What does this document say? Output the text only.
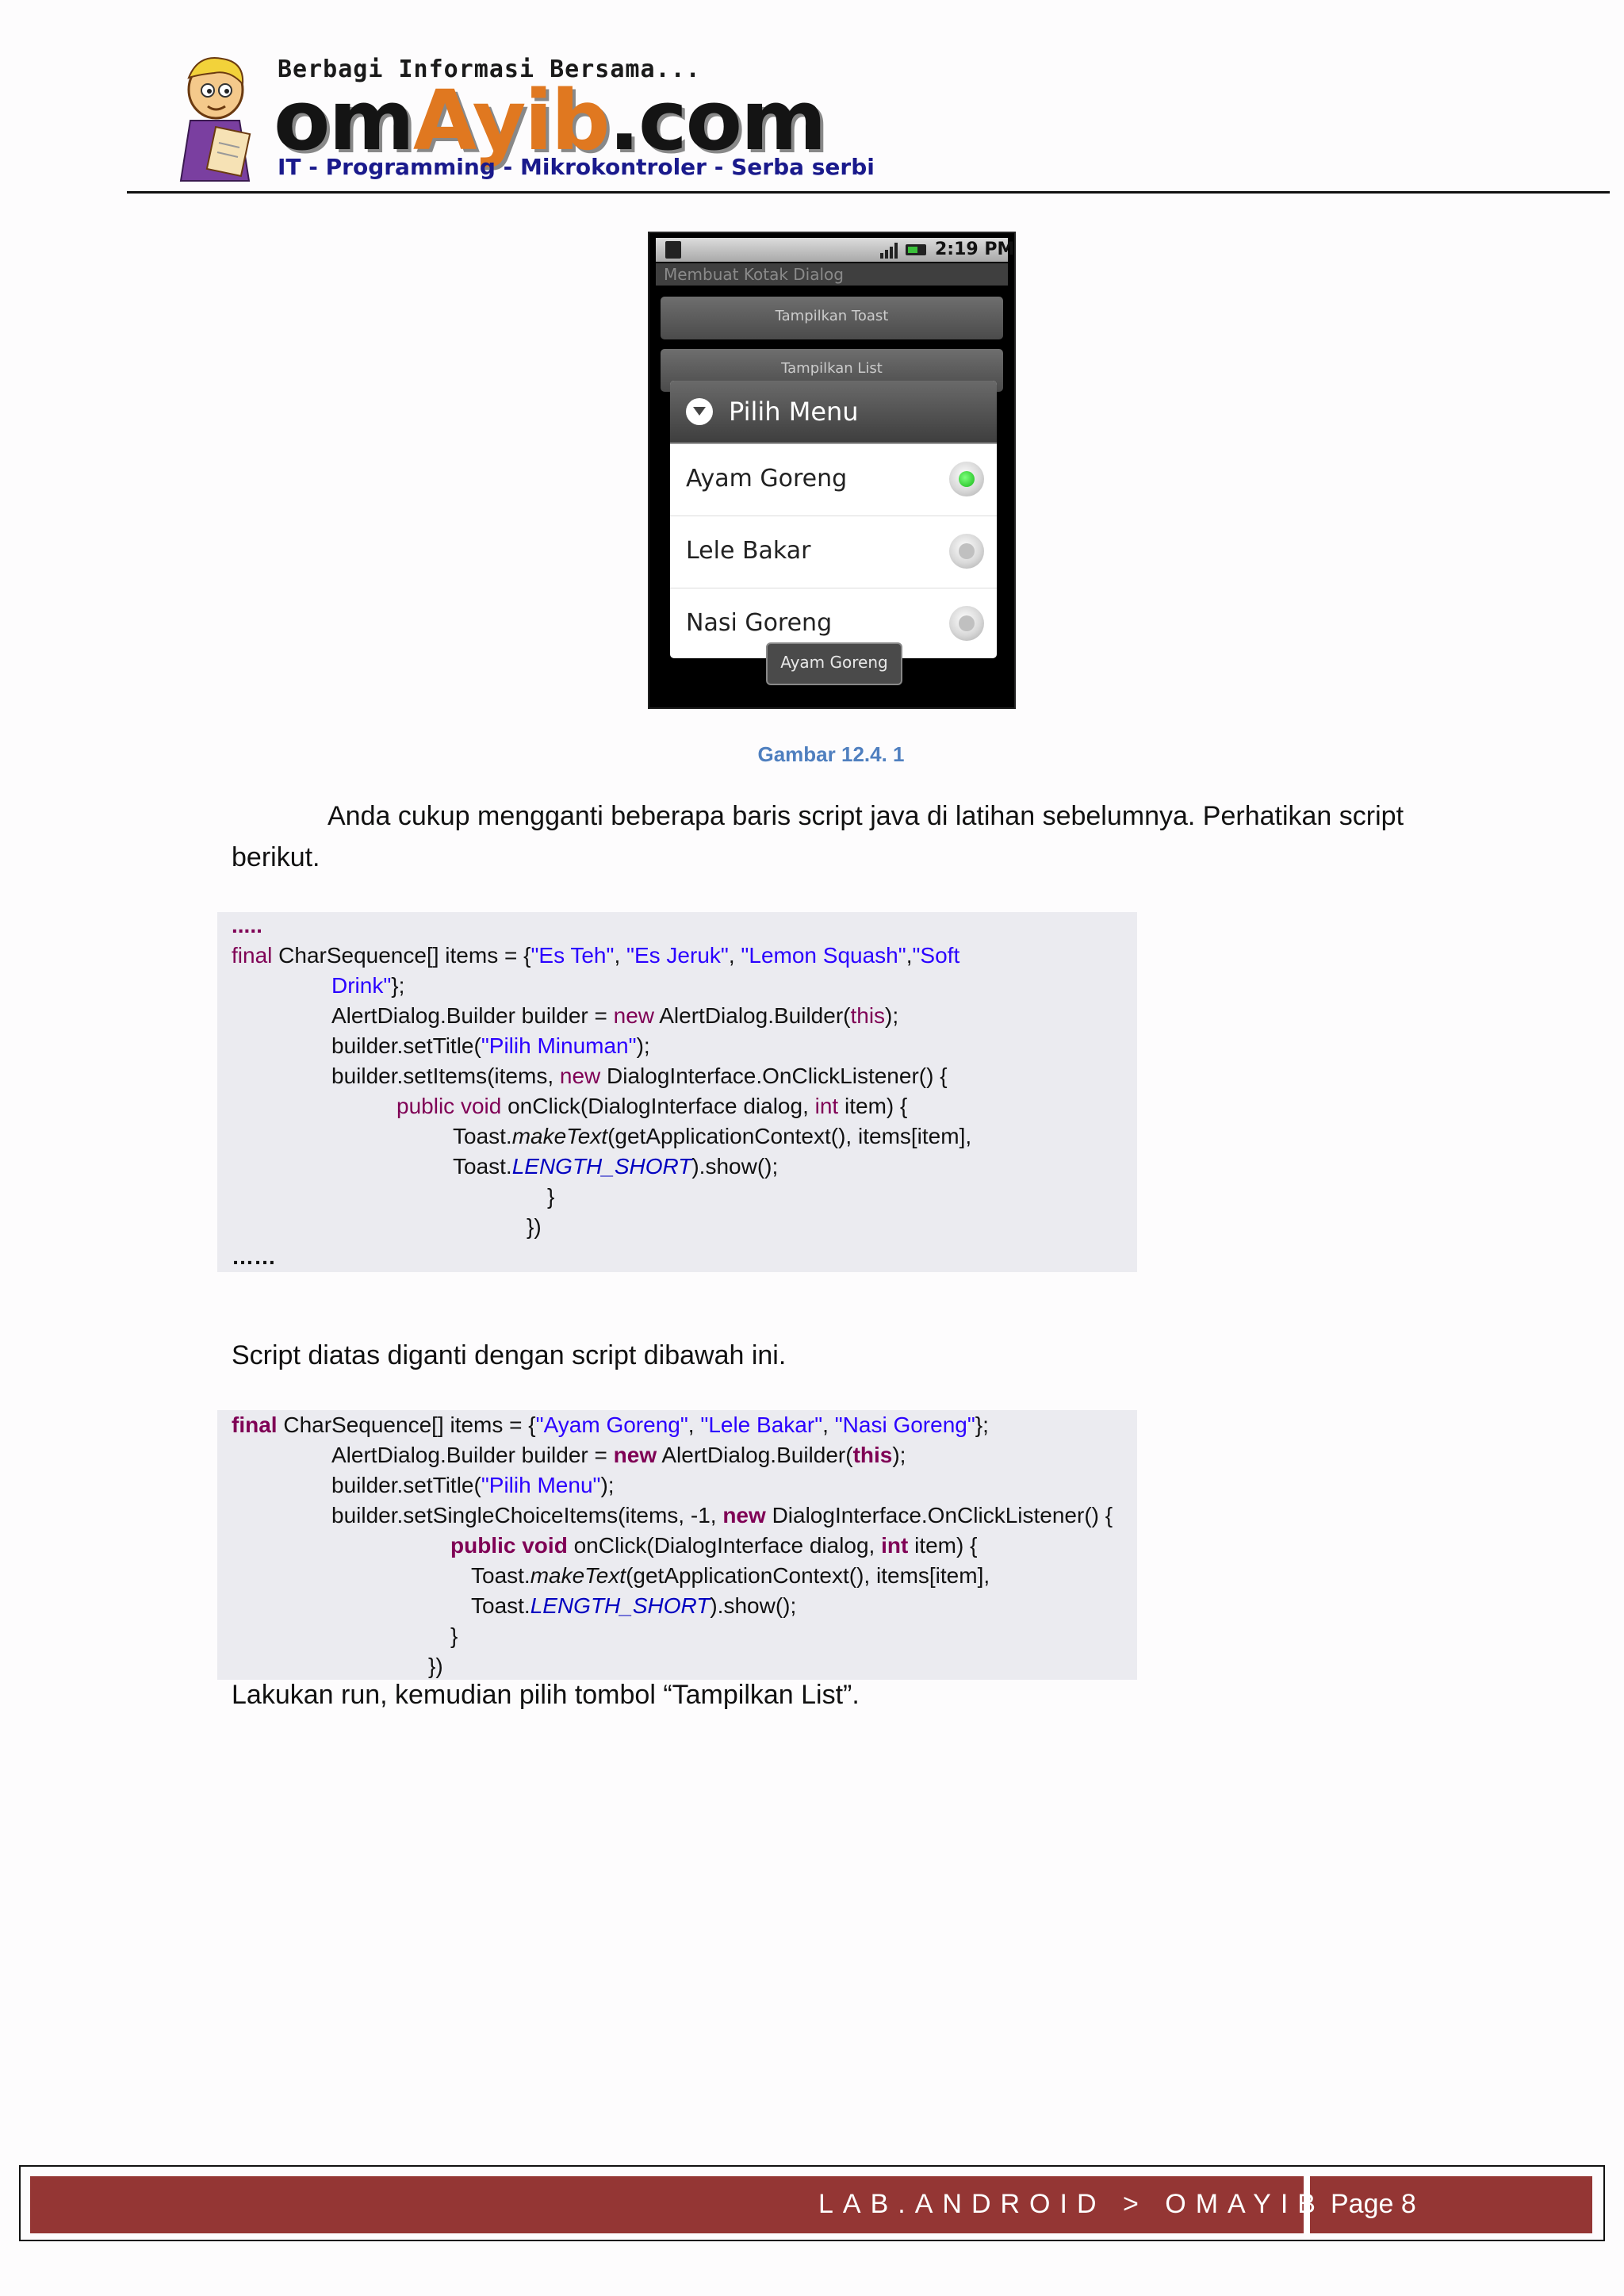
Berbagi Informasi Bersama...
omAyib.com
IT - Programming - Mikrokontroler - Serba serbi
2:19 PM
Membuat Kotak Dialog
Tampilkan Toast
Tampilkan List
Pilih Menu
Ayam Goreng
Lele Bakar
Nasi Goreng
Ayam Goreng
Gambar 12.4. 1
Anda cukup mengganti beberapa baris script java di latihan sebelumnya. Perhatikan script
berikut.
.....
final CharSequence[] items = {"Es Teh", "Es Jeruk", "Lemon Squash","Soft
Drink"};
AlertDialog.Builder builder = new AlertDialog.Builder(this);
builder.setTitle("Pilih Minuman");
builder.setItems(items, new DialogInterface.OnClickListener() {
public void onClick(DialogInterface dialog, int item) {
Toast.makeText(getApplicationContext(), items[item],
Toast.LENGTH_SHORT).show();
}
})
……
Script diatas diganti dengan script dibawah ini.
final CharSequence[] items = {"Ayam Goreng", "Lele Bakar", "Nasi Goreng"};
AlertDialog.Builder builder = new AlertDialog.Builder(this);
builder.setTitle("Pilih Menu");
builder.setSingleChoiceItems(items, -1, new DialogInterface.OnClickListener() {
public void onClick(DialogInterface dialog, int item) {
Toast.makeText(getApplicationContext(), items[item],
Toast.LENGTH_SHORT).show();
}
})
Lakukan run, kemudian pilih tombol “Tampilkan List”.
LAB.ANDROID > OMAYIB Page 8
